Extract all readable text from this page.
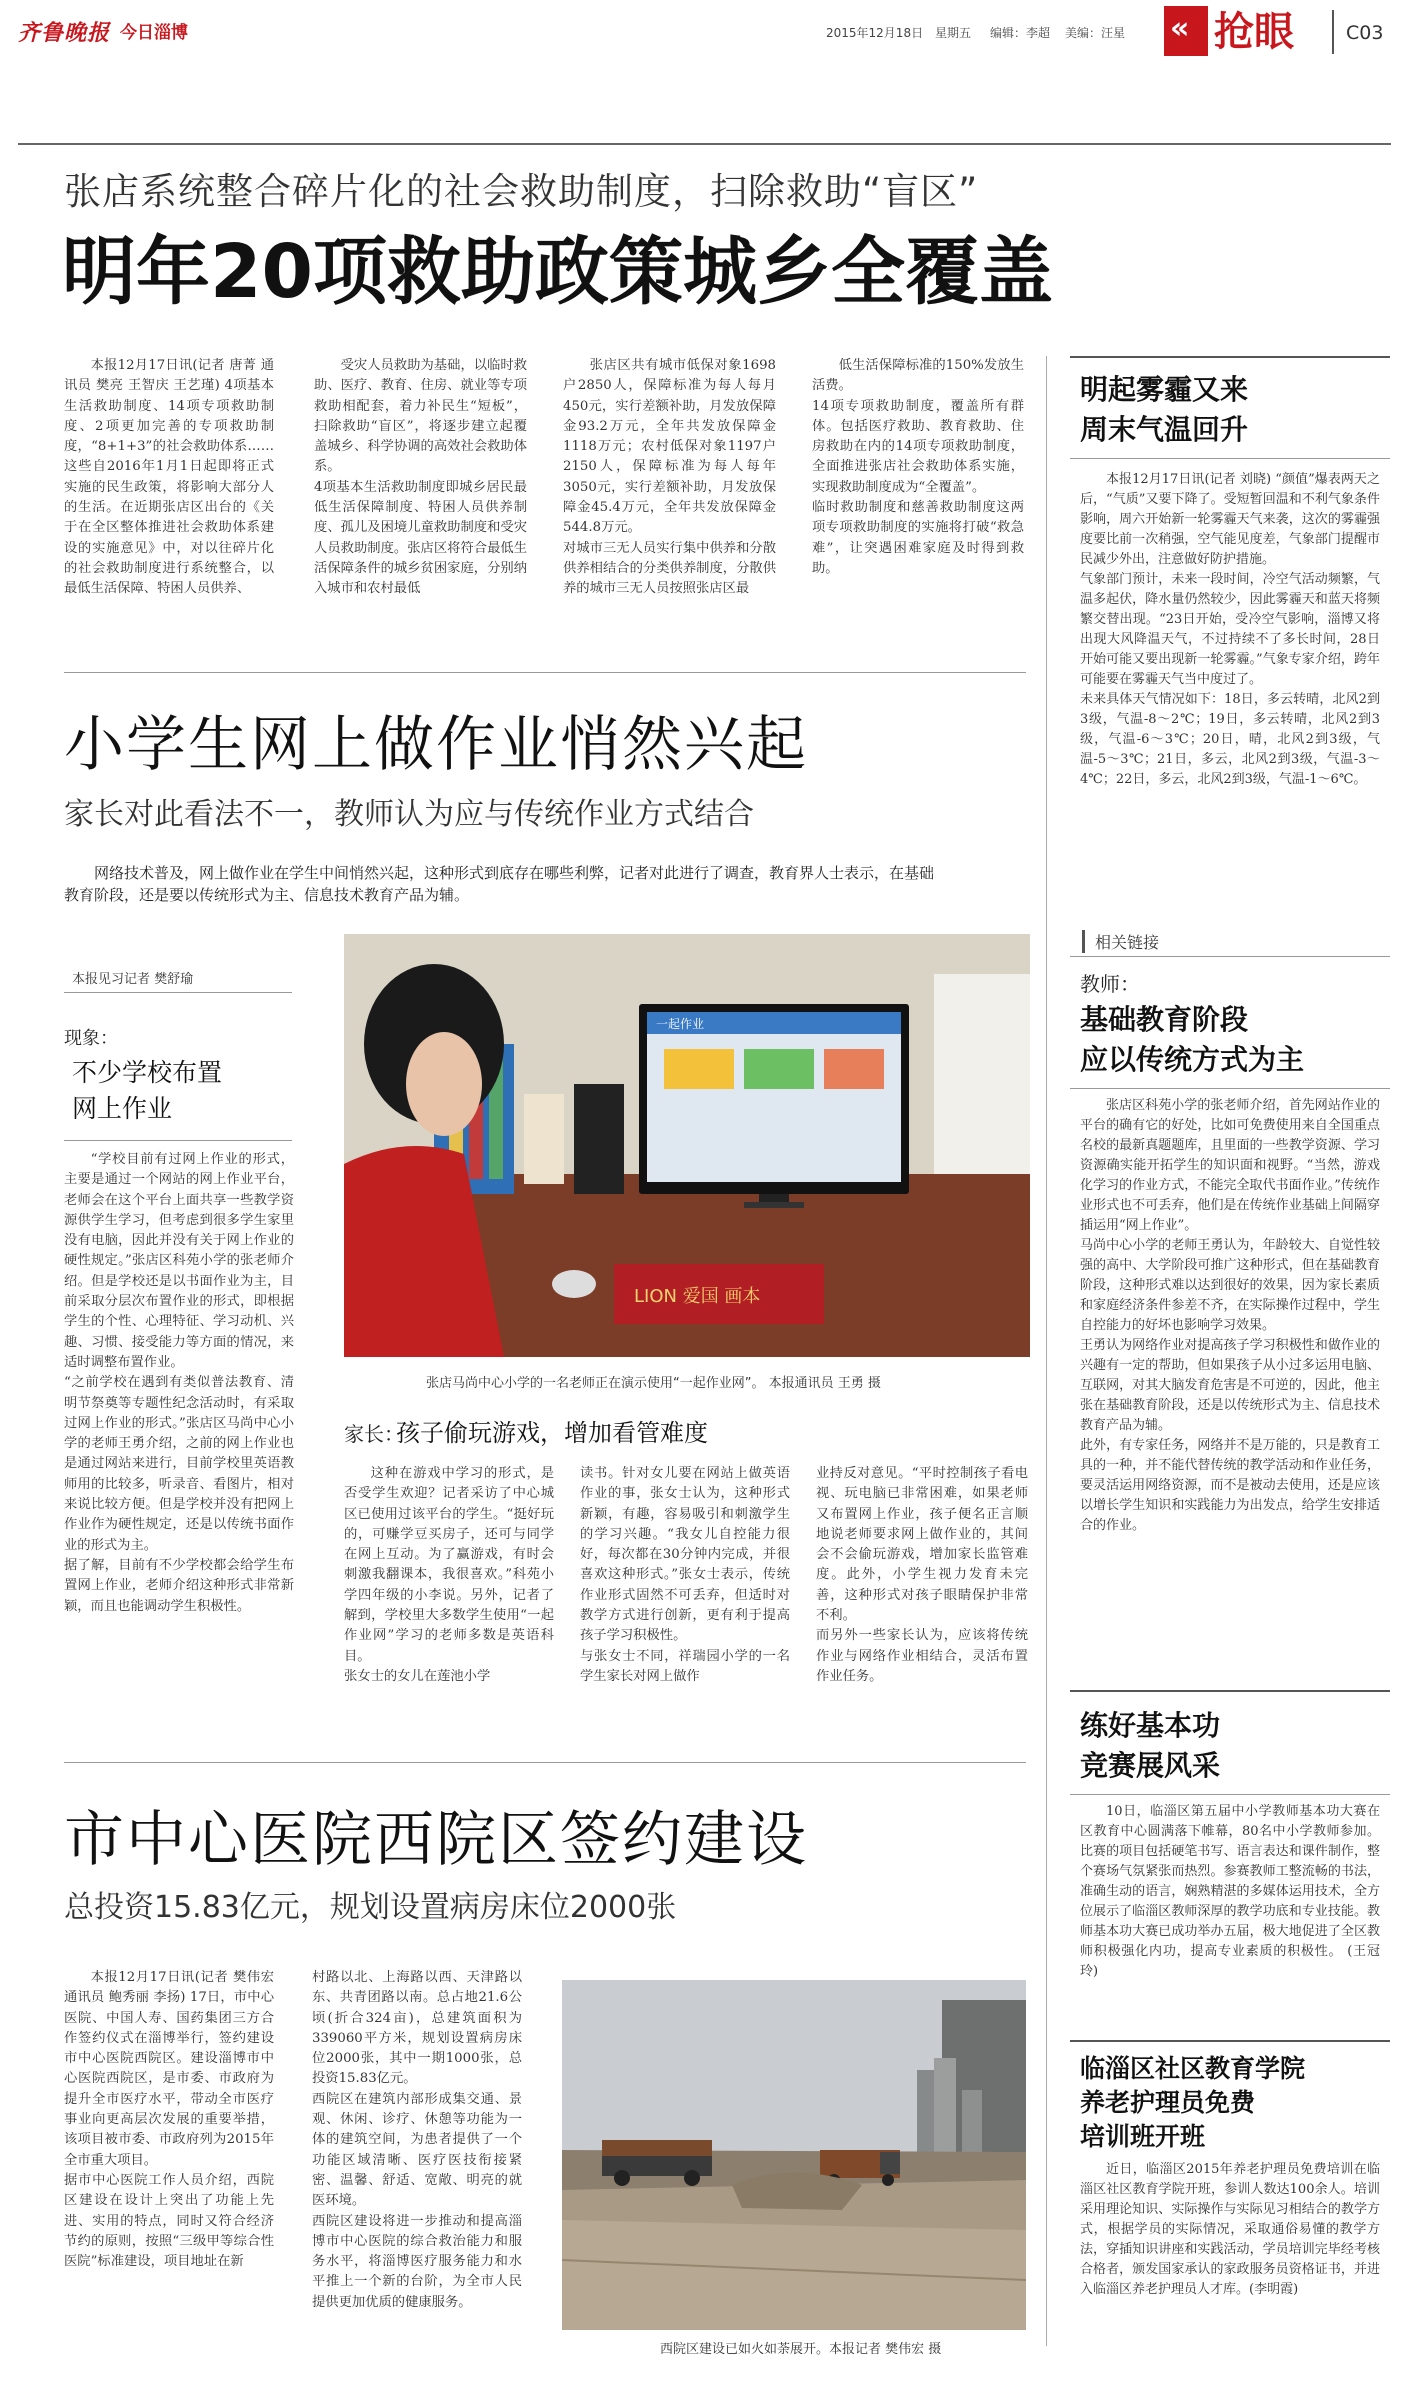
齐鲁晚报 今日淄博	2015年12月18日 星期五 编辑：李超 美编：汪星 « 抢眼	C03
张店系统整合碎片化的社会救助制度，扫除救助“盲区”
明年20项救助政策城乡全覆盖
本报12月17日讯(记者 唐菁 通讯员 樊亮 王智庆 王艺瑾) 4项基本生活救助制度、14项专项救助制度、2项更加完善的专项救助制度，“8+1+3”的社会救助体系……这些自2016年1月1日起即将正式实施的民生政策，将影响大部分人的生活。在近期张店区出台的《关于在全区整体推进社会救助体系建设的实施意见》中，对以往碎片化的社会救助制度进行系统整合，以最低生活保障、特困人员供养、
受灾人员救助为基础，以临时救助、医疗、教育、住房、就业等专项救助相配套，着力补民生“短板”，扫除救助“盲区”，将逐步建立起覆盖城乡、科学协调的高效社会救助体系。
4项基本生活救助制度即城乡居民最低生活保障制度、特困人员供养制度、孤儿及困境儿童救助制度和受灾人员救助制度。张店区将符合最低生活保障条件的城乡贫困家庭，分别纳入城市和农村最低
张店区共有城市低保对象1698户2850人，保障标准为每人每月450元，实行差额补助，月发放保障金93.2万元，全年共发放保障金1118万元；农村低保对象1197户2150人，保障标准为每人每年3050元，实行差额补助，月发放保障金45.4万元，全年共发放保障金544.8万元。
对城市三无人员实行集中供养和分散供养相结合的分类供养制度，分散供养的城市三无人员按照张店区最
低生活保障标准的150%发放生活费。
14项专项救助制度，覆盖所有群体。包括医疗救助、教育救助、住房救助在内的14项专项救助制度，全面推进张店社会救助体系实施，实现救助制度成为“全覆盖”。
临时救助制度和慈善救助制度这两项专项救助制度的实施将打破“救急难”，让突遇困难家庭及时得到救助。
小学生网上做作业悄然兴起
家长对此看法不一，教师认为应与传统作业方式结合
网络技术普及，网上做作业在学生中间悄然兴起，这种形式到底存在哪些利弊，记者对此进行了调查，教育界人士表示，在基础教育阶段，还是要以传统形式为主、信息技术教育产品为辅。
本报见习记者 樊舒瑜
现象：
不少学校布置
网上作业
“学校目前有过网上作业的形式，主要是通过一个网站的网上作业平台，老师会在这个平台上面共享一些教学资源供学生学习，但考虑到很多学生家里没有电脑，因此并没有关于网上作业的硬性规定。”张店区科苑小学的张老师介绍。但是学校还是以书面作业为主，目前采取分层次布置作业的形式，即根据学生的个性、心理特征、学习动机、兴趣、习惯、接受能力等方面的情况，来适时调整布置作业。
“之前学校在遇到有类似普法教育、清明节祭奠等专题性纪念活动时，有采取过网上作业的形式。”张店区马尚中心小学的老师王勇介绍，之前的网上作业也是通过网站来进行，目前学校里英语教师用的比较多，听录音、看图片，相对来说比较方便。但是学校并没有把网上作业作为硬性规定，还是以传统书面作业的形式为主。
据了解，目前有不少学校都会给学生布置网上作业，老师介绍这种形式非常新颖，而且也能调动学生积极性。
一起作业
LION 爱国 画本
张店马尚中心小学的一名老师正在演示使用“一起作业网”。 本报通讯员 王勇 摄
家长：
孩子偷玩游戏，增加看管难度
这种在游戏中学习的形式，是否受学生欢迎？记者采访了中心城区已使用过该平台的学生。“挺好玩的，可赚学豆买房子，还可与同学在网上互动。为了赢游戏，有时会刺激我翻课本，我很喜欢。”科苑小学四年级的小李说。另外，记者了解到，学校里大多数学生使用“一起作业网”学习的老师多数是英语科目。
张女士的女儿在莲池小学
读书。针对女儿要在网站上做英语作业的事，张女士认为，这种形式新颖，有趣，容易吸引和刺激学生的学习兴趣。“我女儿自控能力很好，每次都在30分钟内完成，并很喜欢这种形式。”张女士表示，传统作业形式固然不可丢弃，但适时对教学方式进行创新，更有利于提高孩子学习积极性。
与张女士不同，祥瑞园小学的一名学生家长对网上做作
业持反对意见。“平时控制孩子看电视、玩电脑已非常困难，如果老师又布置网上作业，孩子便名正言顺地说老师要求网上做作业的，其间会不会偷玩游戏，增加家长监管难度。此外，小学生视力发育未完善，这种形式对孩子眼睛保护非常不利。
而另外一些家长认为，应该将传统作业与网络作业相结合，灵活布置作业任务。
市中心医院西院区签约建设
总投资15.83亿元，规划设置病房床位2000张
本报12月17日讯(记者 樊伟宏 通讯员 鲍秀丽 李扬) 17日，市中心医院、中国人寿、国药集团三方合作签约仪式在淄博举行，签约建设市中心医院西院区。建设淄博市中心医院西院区，是市委、市政府为提升全市医疗水平，带动全市医疗事业向更高层次发展的重要举措，该项目被市委、市政府列为2015年全市重大项目。
据市中心医院工作人员介绍，西院区建设在设计上突出了功能上先进、实用的特点，同时又符合经济节约的原则，按照“三级甲等综合性医院”标准建设，项目地址在新
村路以北、上海路以西、天津路以东、共青团路以南。总占地21.6公顷(折合324亩)，总建筑面积为339060平方米，规划设置病房床位2000张，其中一期1000张，总投资15.83亿元。
西院区在建筑内部形成集交通、景观、休闲、诊疗、休憩等功能为一体的建筑空间，为患者提供了一个功能区域清晰、医疗医技衔接紧密、温馨、舒适、宽敞、明亮的就医环境。
西院区建设将进一步推动和提高淄博市中心医院的综合救治能力和服务水平，将淄博医疗服务能力和水平推上一个新的台阶，为全市人民提供更加优质的健康服务。
西院区建设已如火如荼展开。本报记者 樊伟宏 摄
明起雾霾又来
周末气温回升
本报12月17日讯(记者 刘晓) “颜值”爆表两天之后，“气质”又要下降了。受短暂回温和不利气象条件影响，周六开始新一轮雾霾天气来袭，这次的雾霾强度要比前一次稍强，空气能见度差，气象部门提醒市民减少外出，注意做好防护措施。
气象部门预计，未来一段时间，冷空气活动频繁，气温多起伏，降水量仍然较少，因此雾霾天和蓝天将频繁交替出现。“23日开始，受冷空气影响，淄博又将出现大风降温天气，不过持续不了多长时间，28日开始可能又要出现新一轮雾霾。”气象专家介绍，跨年可能要在雾霾天气当中度过了。
未来具体天气情况如下：18日，多云转晴，北风2到3级，气温-8～2℃；19日，多云转晴，北风2到3级，气温-6～3℃；20日，晴，北风2到3级，气温-5～3℃；21日，多云，北风2到3级，气温-3～4℃；22日，多云，北风2到3级，气温-1～6℃。
相关链接
教师：
基础教育阶段
应以传统方式为主
张店区科苑小学的张老师介绍，首先网站作业的平台的确有它的好处，比如可免费使用来自全国重点名校的最新真题题库，且里面的一些教学资源、学习资源确实能开拓学生的知识面和视野。“当然，游戏化学习的作业方式，不能完全取代书面作业。”传统作业形式也不可丢弃，他们是在传统作业基础上间隔穿插运用“网上作业”。
马尚中心小学的老师王勇认为，年龄较大、自觉性较强的高中、大学阶段可推广这种形式，但在基础教育阶段，这种形式难以达到很好的效果，因为家长素质和家庭经济条件参差不齐，在实际操作过程中，学生自控能力的好坏也影响学习效果。
王勇认为网络作业对提高孩子学习积极性和做作业的兴趣有一定的帮助，但如果孩子从小过多运用电脑、互联网，对其大脑发育危害是不可逆的，因此，他主张在基础教育阶段，还是以传统形式为主、信息技术教育产品为辅。
此外，有专家任务，网络并不是万能的，只是教育工具的一种，并不能代替传统的教学活动和作业任务，要灵活运用网络资源，而不是被动去使用，还是应该以增长学生知识和实践能力为出发点，给学生安排适合的作业。
练好基本功
竞赛展风采
10日，临淄区第五届中小学教师基本功大赛在区教育中心圆满落下帷幕，80名中小学教师参加。比赛的项目包括硬笔书写、语言表达和课件制作，整个赛场气氛紧张而热烈。参赛教师工整流畅的书法，准确生动的语言，娴熟精湛的多媒体运用技术，全方位展示了临淄区教师深厚的教学功底和专业技能。教师基本功大赛已成功举办五届，极大地促进了全区教师积极强化内功，提高专业素质的积极性。 (王冠玲)
临淄区社区教育学院
养老护理员免费
培训班开班
近日，临淄区2015年养老护理员免费培训在临淄区社区教育学院开班，参训人数达100余人。培训采用理论知识、实际操作与实际见习相结合的教学方式，根据学员的实际情况，采取通俗易懂的教学方法，穿插知识讲座和实践活动，学员培训完毕经考核合格者，颁发国家承认的家政服务员资格证书，并进入临淄区养老护理员人才库。(李明霞)
